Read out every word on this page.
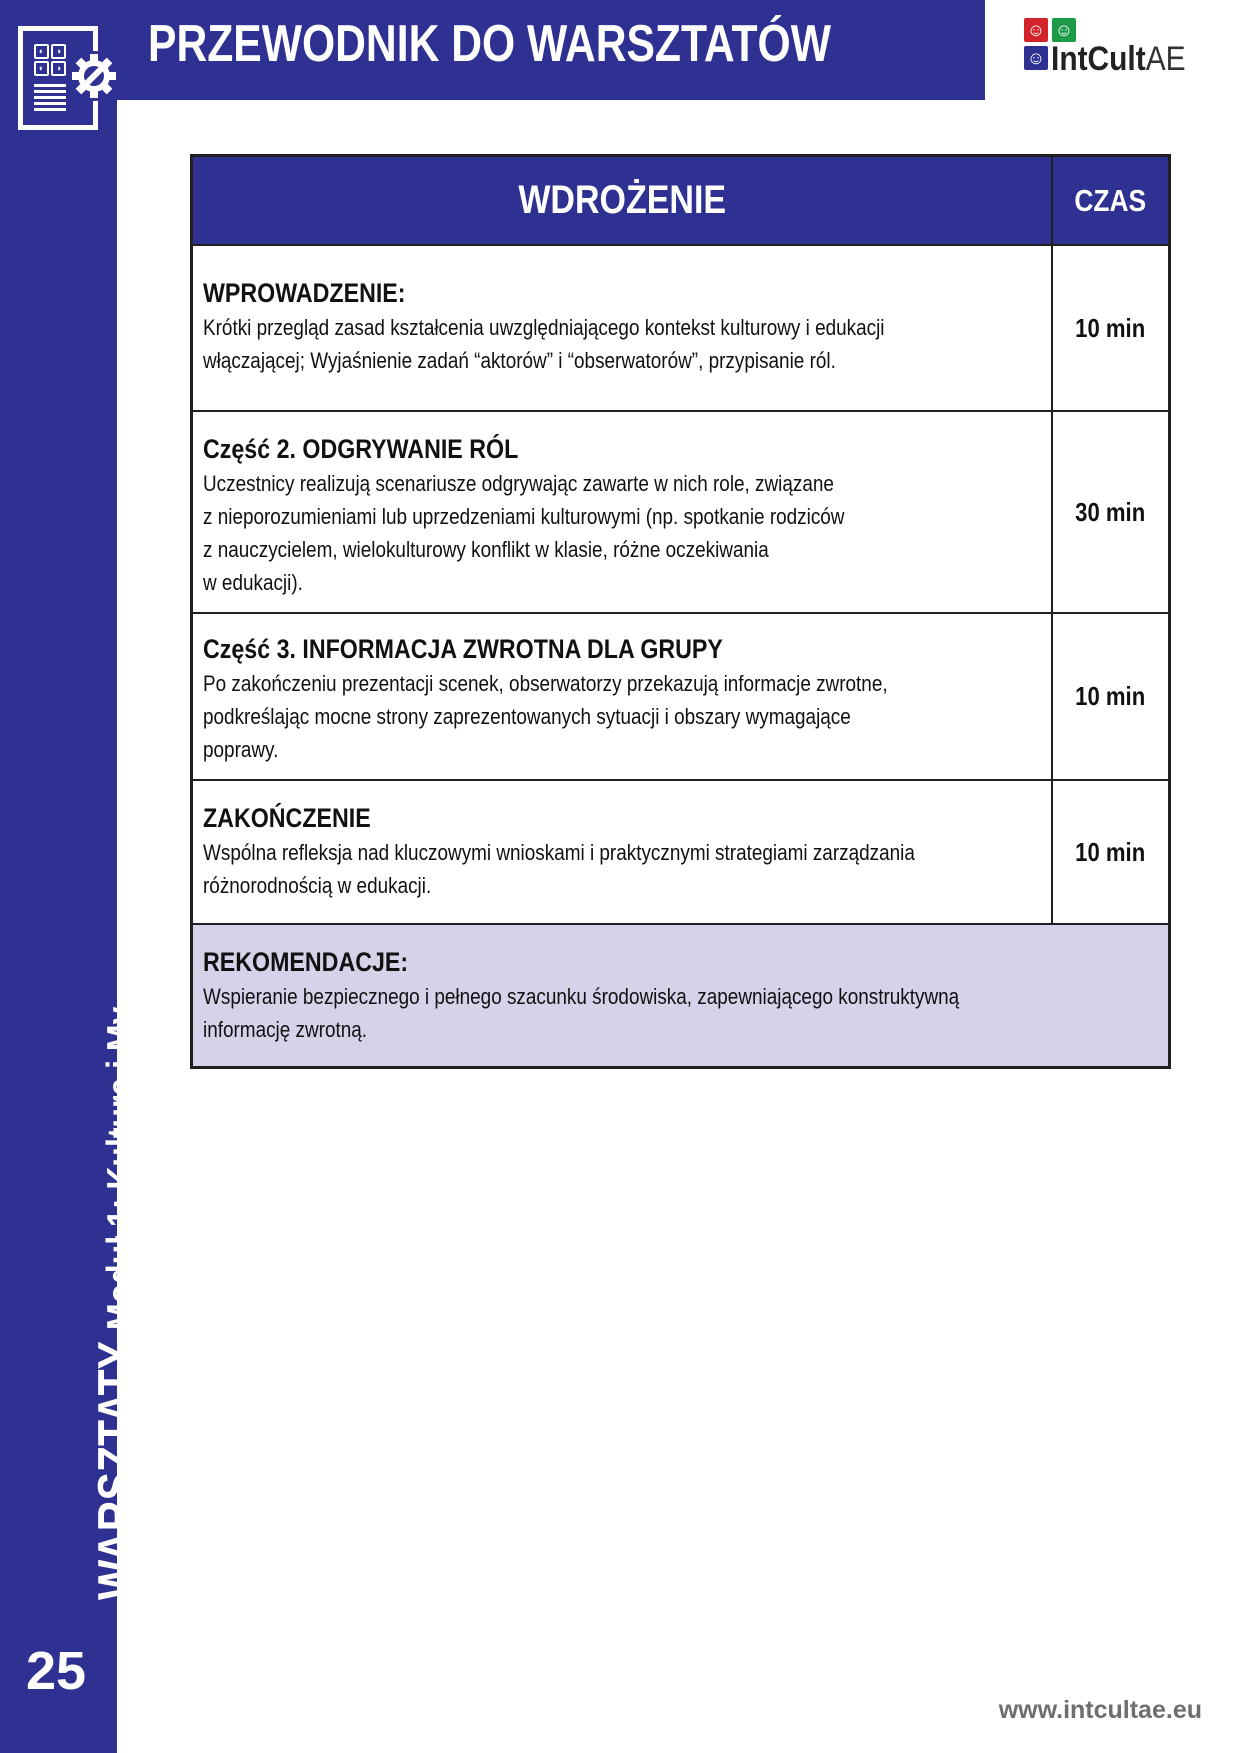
PRZEWODNIK DO WARSZTATÓW
◐	◑
◐	◑
☺ ☺
☺ IntCultAE
WARSZTATY Moduł 1: Kultura i My
25
WDROŻENIE	CZAS
WPROWADZENIE:
Krótki przegląd zasad kształcenia uwzględniającego kontekst kulturowy i edukacji
włączającej; Wyjaśnienie zadań “aktorów” i “obserwatorów”, przypisanie ról.
10 min
Część 2. ODGRYWANIE RÓL
Uczestnicy realizują scenariusze odgrywając zawarte w nich role, związane
z nieporozumieniami lub uprzedzeniami kulturowymi (np. spotkanie rodziców
z nauczycielem, wielokulturowy konflikt w klasie, różne oczekiwania
w edukacji).
30 min
Część 3. INFORMACJA ZWROTNA DLA GRUPY
Po zakończeniu prezentacji scenek, obserwatorzy przekazują informacje zwrotne,
podkreślając mocne strony zaprezentowanych sytuacji i obszary wymagające
poprawy.
10 min
ZAKOŃCZENIE
Wspólna refleksja nad kluczowymi wnioskami i praktycznymi strategiami zarządzania
różnorodnością w edukacji.
10 min
REKOMENDACJE:
Wspieranie bezpiecznego i pełnego szacunku środowiska, zapewniającego konstruktywną
informację zwrotną.
www.intcultae.eu
